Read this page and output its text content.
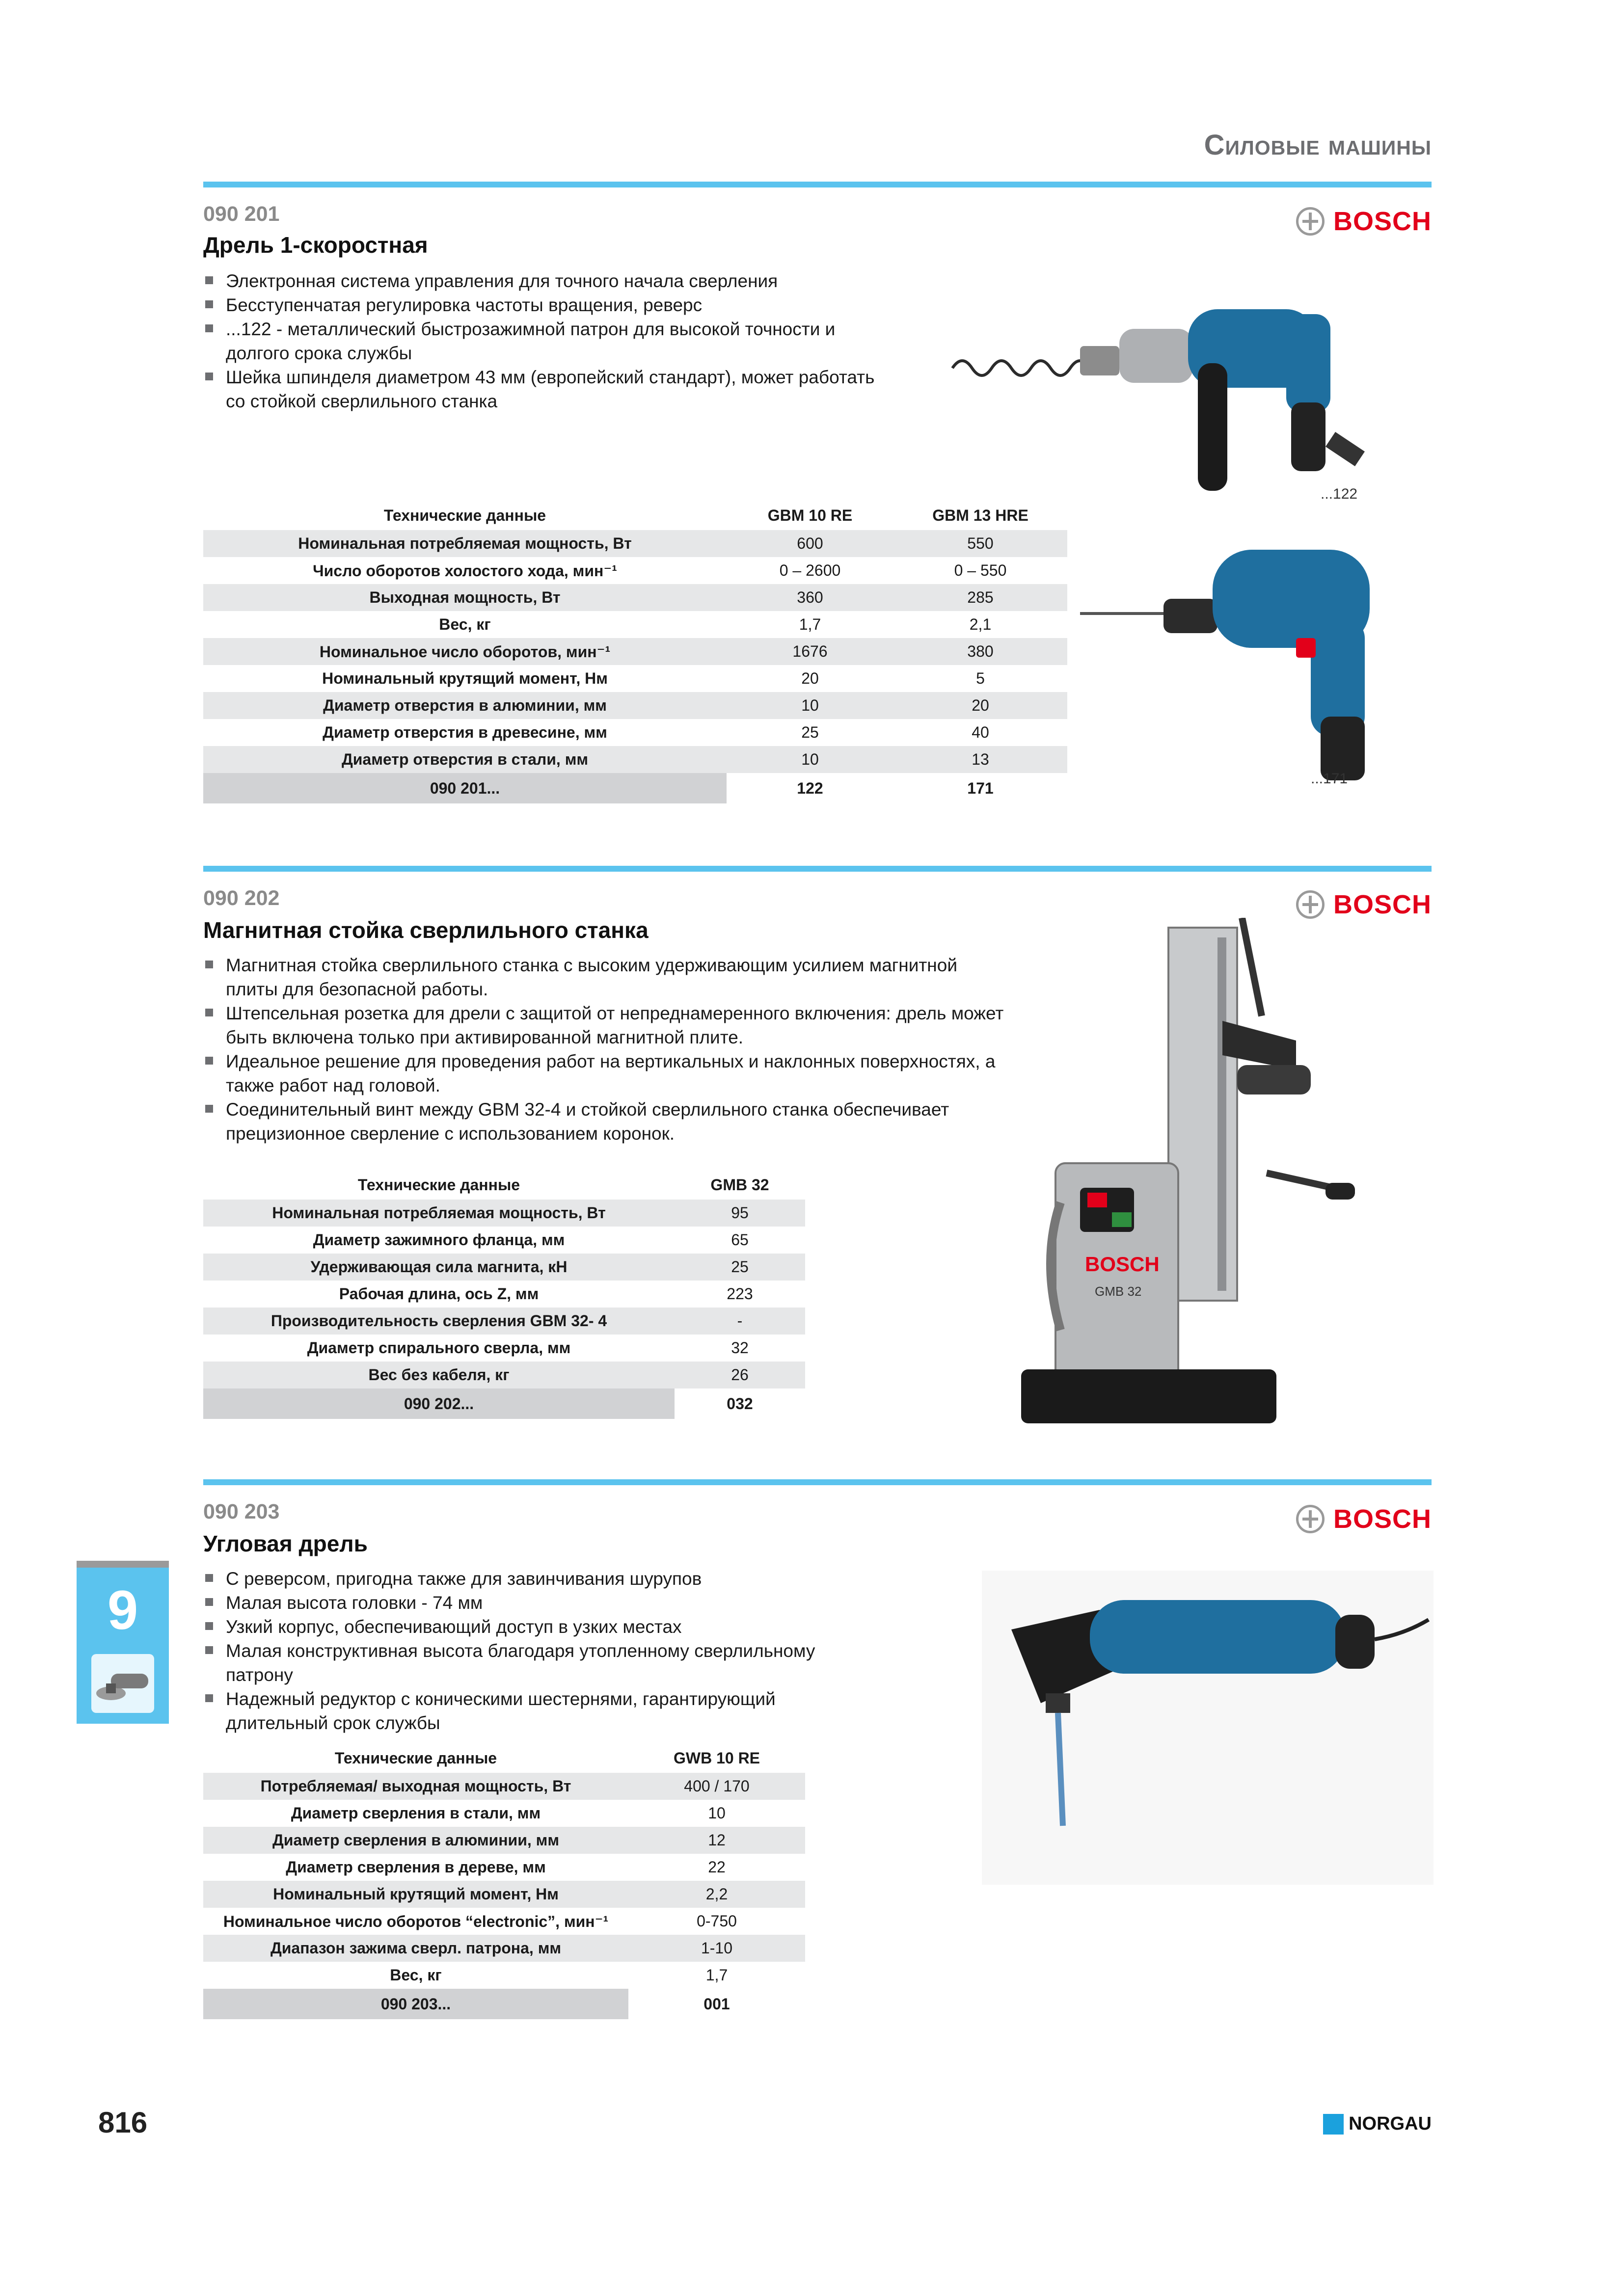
Силовые машины
090 201
Дрель 1-скоростная
BOSCH
Электронная система управления для точного начала сверления
Бесступенчатая регулировка частоты вращения, реверс
...122 - металлический быстрозажимной патрон для высокой точности и долгого срока службы
Шейка шпинделя диаметром 43 мм (европейский стандарт), может работать со стойкой сверлильного станка
...122
Технические данные	GBM 10 RE	GBM 13 HRE
Номинальная потребляемая мощность, Вт	600	550
Число оборотов холостого хода, мин⁻¹	0 – 2600	0 – 550
Выходная мощность, Вт	360	285
Вес, кг	1,7	2,1
Номинальное число оборотов, мин⁻¹	1676	380
Номинальный крутящий момент, Нм	20	5
Диаметр отверстия в алюминии, мм	10	20
Диаметр отверстия в древесине, мм	25	40
Диаметр отверстия в стали, мм	10	13
090 201...	122	171
...171
090 202
Магнитная стойка сверлильного станка
BOSCH
Магнитная стойка сверлильного станка с высоким удерживающим усилием магнитной плиты для безопасной работы.
Штепсельная розетка для дрели с защитой от непреднамеренного включения: дрель может быть включена только при активированной магнитной плите.
Идеальное решение для проведения работ на вертикальных и наклонных поверхностях, а также работ над головой.
Соединительный винт между GBM 32-4 и стойкой сверлильного станка обеспечивает прецизионное сверление с использованием коронок.
Технические данные	GMB 32
Номинальная потребляемая мощность, Вт	95
Диаметр зажимного фланца, мм	65
Удерживающая сила магнита, кН	25
Рабочая длина, ось Z, мм	223
Производительность сверления GBM 32- 4	-
Диаметр спирального сверла, мм	32
Вес без кабеля, кг	26
090 202...	032
BOSCH
GMB 32
090 203
Угловая дрель
BOSCH
С реверсом, пригодна также для завинчивания шурупов
Малая высота головки - 74 мм
Узкий корпус, обеспечивающий доступ в узких местах
Малая конструктивная высота благодаря утопленному сверлильному патрону
Надежный редуктор с коническими шестернями, гарантирующий длительный срок службы
Технические данные	GWB 10 RE
Потребляемая/ выходная мощность, Вт	400 / 170
Диаметр сверления в стали, мм	10
Диаметр сверления в алюминии, мм	12
Диаметр сверления в дереве, мм	22
Номинальный крутящий момент, Нм	2,2
Номинальное число оборотов “electronic”, мин⁻¹	0-750
Диапазон зажима сверл. патрона, мм	1-10
Вес, кг	1,7
090 203...	001
9
816	NORGAU
